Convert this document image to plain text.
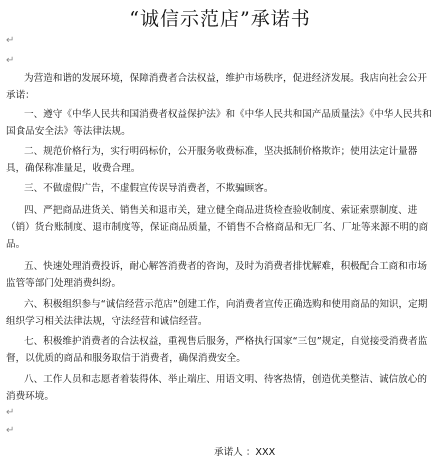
“诚信示范店”承诺书
↵
↵
为营造和谐的发展环境，保障消费者合法权益，维护市场秩序，促进经济发展。我店向社会公开承诺：
一、遵守《中华人民共和国消费者权益保护法》和《中华人民共和国产品质量法》《中华人民共和国食品安全法》等法律法规。
二、规范价格行为，实行明码标价，公开服务收费标准，坚决抵制价格欺诈；使用法定计量器具，确保称准量足，收费合理。
三、不做虚假广告，不虚假宣传误导消费者，不欺骗顾客。
四、严把商品进货关、销售关和退市关，建立健全商品进货检查验收制度、索证索票制度、进（销）货台账制度、退市制度等，保证商品质量，不销售不合格商品和无厂名、厂址等来源不明的商品。
五、快速处理消费投诉，耐心解答消费者的咨询，及时为消费者排忧解难，积极配合工商和市场监管等部门处理消费纠纷。
六、积极组织参与“诚信经营示范店”创建工作，向消费者宣传正确选购和使用商品的知识，定期组织学习相关法律法规，守法经营和诚信经营。
七、积极维护消费者的合法权益，重视售后服务，严格执行国家“三包”规定，自觉接受消费者监督，以优质的商品和服务取信于消费者，确保消费安全。
八、工作人员和志愿者着装得体、举止端庄、用语文明、待客热情，创造优美整洁、诚信放心的消费环境。
↵
↵
承诺人 ：XXX
